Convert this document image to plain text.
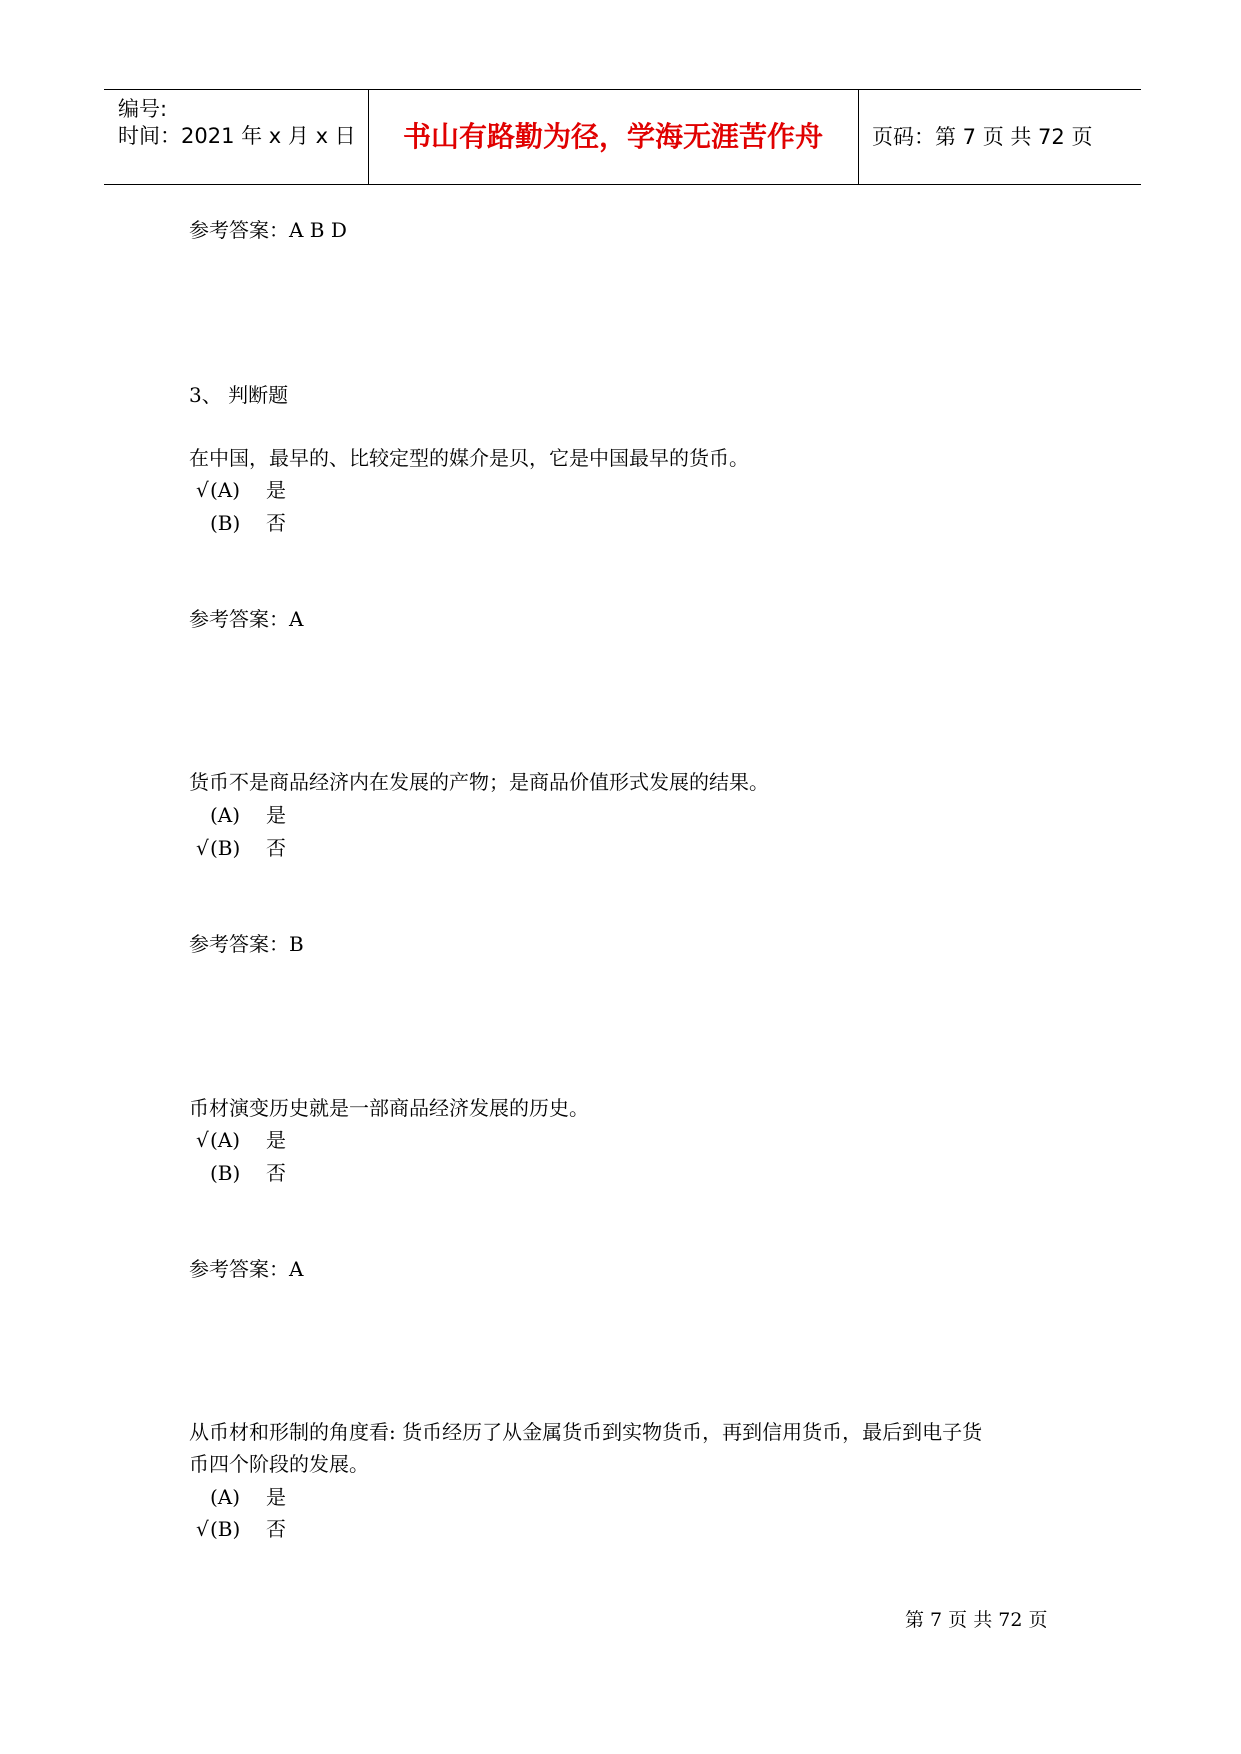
编号:
时间：2021 年 x 月 x 日	书山有路勤为径，学海无涯苦作舟	页码：第 7 页 共 72 页
参考答案：A B D
3、 判断题
在中国，最早的、比较定型的媒介是贝，它是中国最早的货币。
√(A) 是
(B) 否
参考答案：A
货币不是商品经济内在发展的产物；是商品价值形式发展的结果。
(A) 是
√(B) 否
参考答案：B
币材演变历史就是一部商品经济发展的历史。
√(A) 是
(B) 否
参考答案：A
从币材和形制的角度看: 货币经历了从金属货币到实物货币，再到信用货币，最后到电子货
币四个阶段的发展。
(A) 是
√(B) 否
第 7 页 共 72 页
